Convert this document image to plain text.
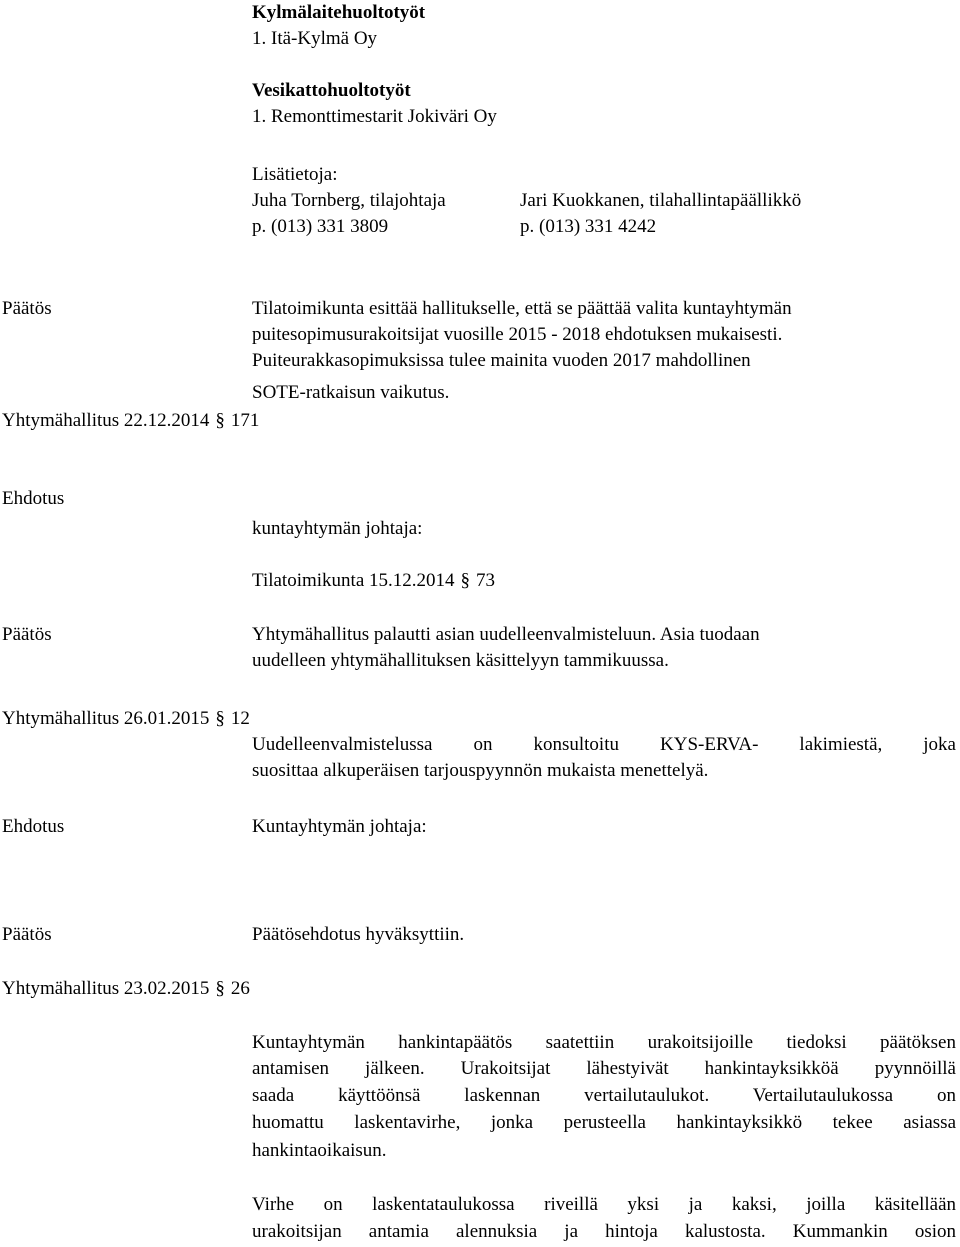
Kylmälaitehuoltotyöt
1. Itä-Kylmä Oy
Vesikattohuoltotyöt
1. Remonttimestarit Jokiväri Oy
Lisätietoja:
Juha Tornberg, tilajohtaja
p. (013) 331 3809
Jari Kuokkanen, tilahallintapäällikkö
p. (013) 331 4242
Päätös	Tilatoimikunta esittää hallitukselle, että se päättää valita kuntayhtymän
puitesopimusurakoitsijat vuosille 2015 - 2018 ehdotuksen mukaisesti.
Puiteurakkasopimuksissa tulee mainita vuoden 2017 mahdollinen
SOTE-ratkaisun vaikutus.
Yhtymähallitus 22.12.2014 § 171
Ehdotus
kuntayhtymän johtaja:
Tilatoimikunta 15.12.2014 § 73
Päätös	Yhtymähallitus palautti asian uudelleenvalmisteluun. Asia tuodaan
uudelleen yhtymähallituksen käsittelyyn tammikuussa.
Yhtymähallitus 26.01.2015 § 12
Uudelleenvalmistelussa on konsultoitu KYS-ERVA- lakimiestä, joka
suosittaa alkuperäisen tarjouspyynnön mukaista menettelyä.
Ehdotus	Kuntayhtymän johtaja:
Päätös	Päätösehdotus hyväksyttiin.
Yhtymähallitus 23.02.2015 § 26
Kuntayhtymän hankintapäätös saatettiin urakoitsijoille tiedoksi päätöksen
antamisen jälkeen. Urakoitsijat lähestyivät hankintayksikköä pyynnöillä
saada käyttöönsä laskennan vertailutaulukot. Vertailutaulukossa on
huomattu laskentavirhe, jonka perusteella hankintayksikkö tekee asiassa
hankintaoikaisun.
Virhe on laskentataulukossa riveillä yksi ja kaksi, joilla käsitellään
urakoitsijan antamia alennuksia ja hintoja kalustosta. Kummankin osion
